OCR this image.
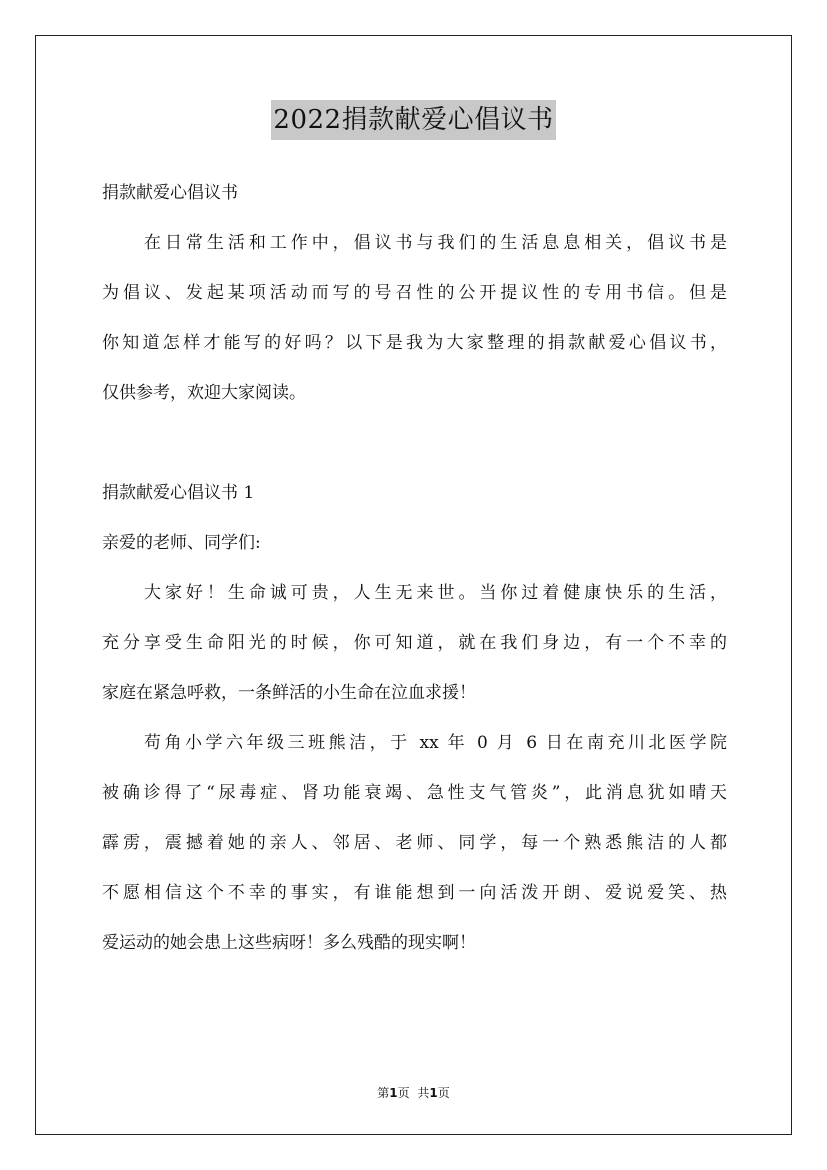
2022捐款献爱心倡议书
捐款献爱心倡议书
在日常生活和工作中，倡议书与我们的生活息息相关，倡议书是
为倡议、发起某项活动而写的号召性的公开提议性的专用书信。但是
你知道怎样才能写的好吗？以下是我为大家整理的捐款献爱心倡议书，
仅供参考，欢迎大家阅读。
捐款献爱心倡议书 1
亲爱的老师、同学们:
大家好！生命诚可贵，人生无来世。当你过着健康快乐的生活，
充分享受生命阳光的时候，你可知道，就在我们身边，有一个不幸的
家庭在紧急呼救，一条鲜活的小生命在泣血求援！
苟角小学六年级三班熊洁，于 xx 年 0 月 6 日在南充川北医学院
被确诊得了“尿毒症、肾功能衰竭、急性支气管炎”，此消息犹如晴天
霹雳，震撼着她的亲人、邻居、老师、同学，每一个熟悉熊洁的人都
不愿相信这个不幸的事实，有谁能想到一向活泼开朗、爱说爱笑、热
爱运动的她会患上这些病呀！多么残酷的现实啊！
第1页 共1页
